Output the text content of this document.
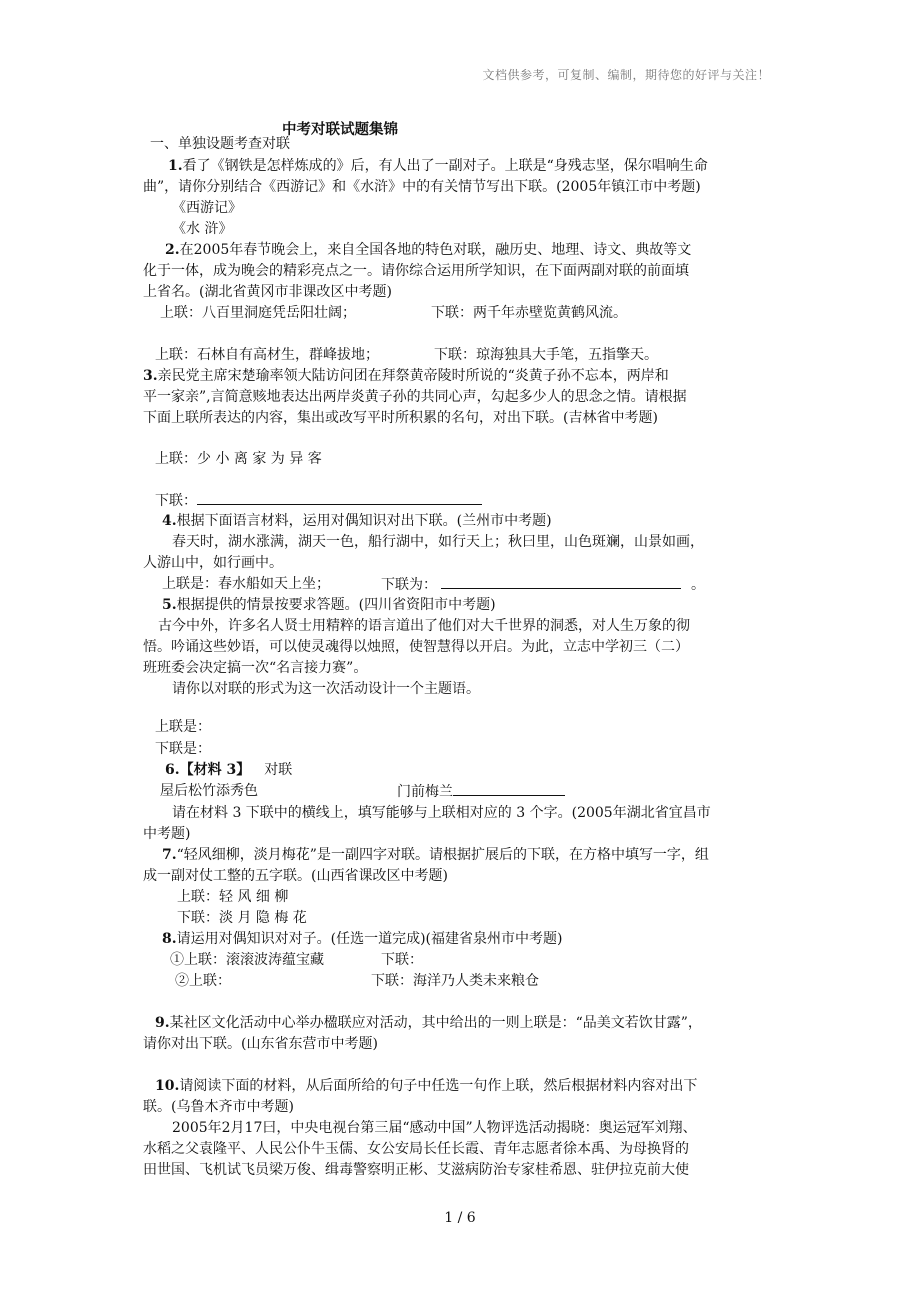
文档供参考，可复制、编制，期待您的好评与关注！
中考对联试题集锦
一、单独设题考查对联
1.看了《钢铁是怎样炼成的》后，有人出了一副对子。上联是“身残志坚，保尔唱响生命
曲”，请你分别结合《西游记》和《水浒》中的有关情节写出下联。(2005年镇江市中考题)
《西游记》
《水 浒》
2.在2005年春节晚会上，来自全国各地的特色对联，融历史、地理、诗文、典故等文
化于一体，成为晚会的精彩亮点之一。请你综合运用所学知识，在下面两副对联的前面填
上省名。(湖北省黄冈市非课改区中考题)
上联：八百里洞庭凭岳阳壮阔；	下联：两千年赤壁览黄鹤风流。
上联：石林自有高材生，群峰拔地；	下联：琼海独具大手笔，五指擎天。
3.亲民党主席宋楚瑜率领大陆访问团在拜祭黄帝陵时所说的“炎黄子孙不忘本，两岸和
平一家亲”,言简意赅地表达出两岸炎黄子孙的共同心声，勾起多少人的思念之情。请根据
下面上联所表达的内容，集出或改写平时所积累的名句，对出下联。(吉林省中考题)
上联：少 小 离 家 为 异 客
下联：
4.根据下面语言材料，运用对偶知识对出下联。(兰州市中考题)
春天时，湖水涨满，湖天一色，船行湖中，如行天上；秋曰里，山色斑斓，山景如画，
人游山中，如行画中。
上联是：春水船如天上坐；	下联为：	。
5.根据提供的情景按要求答题。(四川省资阳市中考题)
古今中外，许多名人贤士用精粹的语言道出了他们对大千世界的洞悉，对人生万象的彻
悟。吟诵这些妙语，可以使灵魂得以烛照，使智慧得以开启。为此，立志中学初三（二）
班班委会决定搞一次“名言接力赛”。
请你以对联的形式为这一次活动设计一个主题语。
上联是：
下联是：
6.【材料 3】 对联
屋后松竹添秀色	门前梅兰
请在材料 3 下联中的横线上，填写能够与上联相对应的 3 个字。(2005年湖北省宜昌市
中考题)
7.“轻风细柳，淡月梅花”是一副四字对联。请根据扩展后的下联，在方格中填写一字，组
成一副对仗工整的五字联。(山西省课改区中考题)
上联：轻 风 细 柳
下联：淡 月 隐 梅 花
8.请运用对偶知识对对子。(任选一道完成)(福建省泉州市中考题)
①上联：滚滚波涛蕴宝藏	下联：
②上联：	下联：海洋乃人类未来粮仓
9.某社区文化活动中心举办楹联应对活动，其中给出的一则上联是：“品美文若饮甘露”，
请你对出下联。(山东省东营市中考题)
10.请阅读下面的材料，从后面所给的句子中任选一句作上联，然后根据材料内容对出下
联。(乌鲁木齐市中考题)
2005年2月17曰，中央电视台第三届“感动中国”人物评选活动揭晓：奥运冠军刘翔、
水稻之父袁隆平、人民公仆牛玉儒、女公安局长任长霞、青年志愿者徐本禹、为母换肾的
田世国、飞机试飞员梁万俊、缉毒警察明正彬、艾滋病防治专家桂希恩、驻伊拉克前大使
1 / 6
